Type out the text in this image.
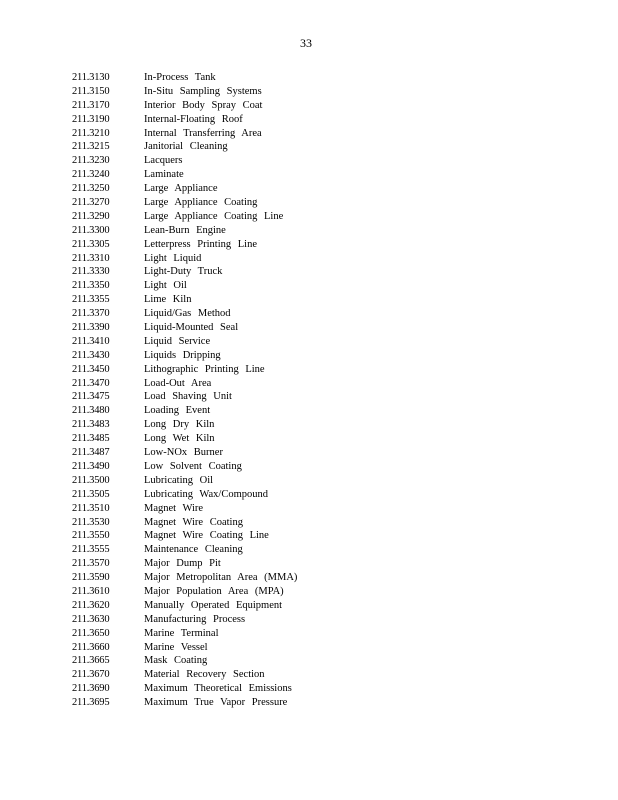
33
211.3130	In-Process Tank
211.3150	In-Situ Sampling Systems
211.3170	Interior Body Spray Coat
211.3190	Internal-Floating Roof
211.3210	Internal Transferring Area
211.3215	Janitorial Cleaning
211.3230	Lacquers
211.3240	Laminate
211.3250	Large Appliance
211.3270	Large Appliance Coating
211.3290	Large Appliance Coating Line
211.3300	Lean-Burn Engine
211.3305	Letterpress Printing Line
211.3310	Light Liquid
211.3330	Light-Duty Truck
211.3350	Light Oil
211.3355	Lime Kiln
211.3370	Liquid/Gas Method
211.3390	Liquid-Mounted Seal
211.3410	Liquid Service
211.3430	Liquids Dripping
211.3450	Lithographic Printing Line
211.3470	Load-Out Area
211.3475	Load Shaving Unit
211.3480	Loading Event
211.3483	Long Dry Kiln
211.3485	Long Wet Kiln
211.3487	Low-NOx Burner
211.3490	Low Solvent Coating
211.3500	Lubricating Oil
211.3505	Lubricating Wax/Compound
211.3510	Magnet Wire
211.3530	Magnet Wire Coating
211.3550	Magnet Wire Coating Line
211.3555	Maintenance Cleaning
211.3570	Major Dump Pit
211.3590	Major Metropolitan Area (MMA)
211.3610	Major Population Area (MPA)
211.3620	Manually Operated Equipment
211.3630	Manufacturing Process
211.3650	Marine Terminal
211.3660	Marine Vessel
211.3665	Mask Coating
211.3670	Material Recovery Section
211.3690	Maximum Theoretical Emissions
211.3695	Maximum True Vapor Pressure
